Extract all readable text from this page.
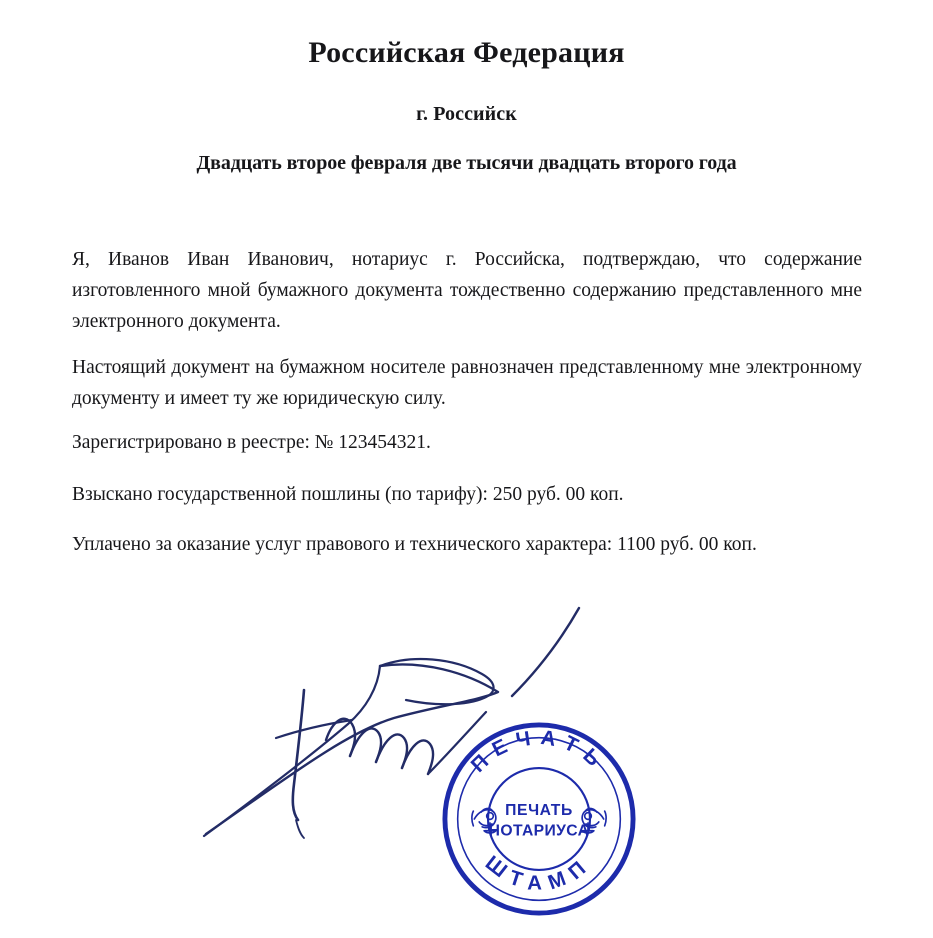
Российская Федерация
г. Российск
Двадцать второе февраля две тысячи двадцать второго года

Я, Иванов Иван Иванович, нотариус г. Российска, подтверждаю, что содержание изготовленного мной бумажного документа тождественно содержанию представленного мне электронного документа.

Настоящий документ на бумажном носителе равнозначен представленному мне электронному документу и имеет ту же юридическую силу.

Зарегистрировано в реестре: № 123454321.

Взыскано государственной пошлины (по тарифу): 250 руб. 00 коп.

Уплачено за оказание услуг правового и технического характера: 1100 руб. 00 коп.

ПЕЧАТЬ
ШТАМП
ПЕЧАТЬ
НОТАРИУСА
